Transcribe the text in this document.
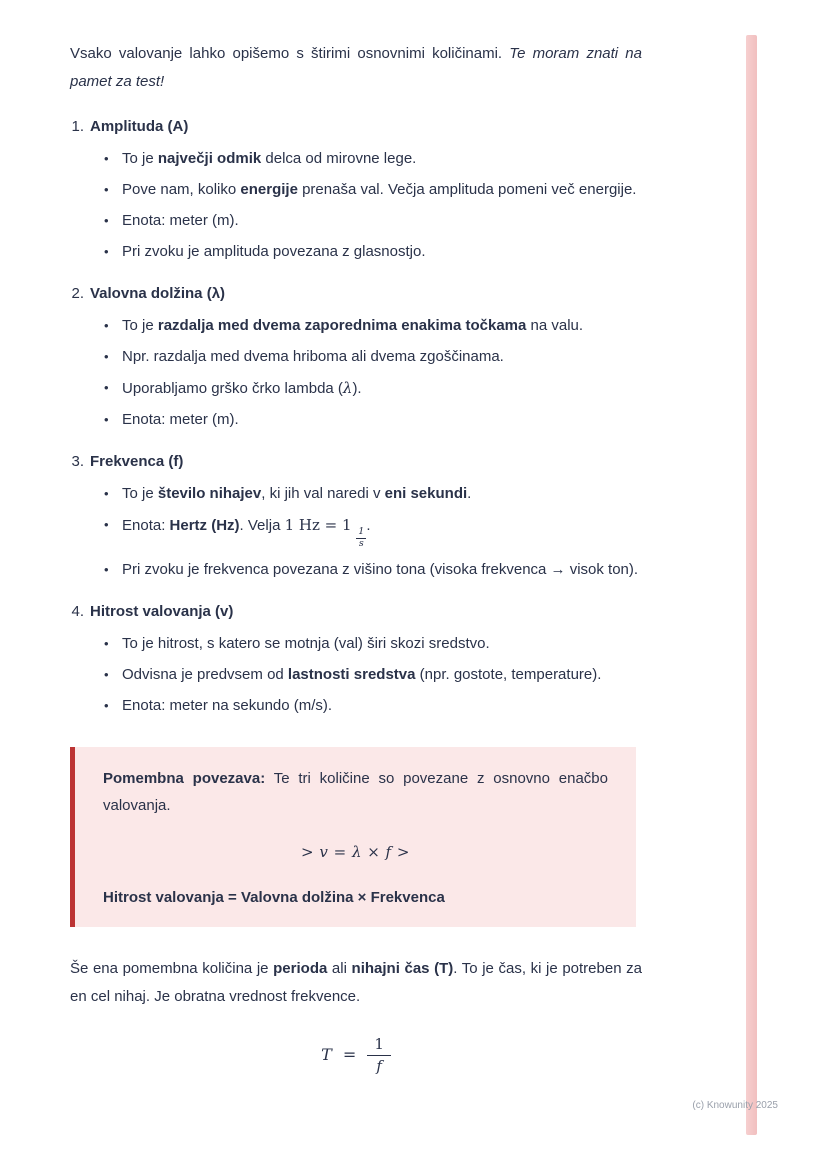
Vsako valovanje lahko opišemo s štirimi osnovnimi količinami. Te moram znati na pamet za test!

1. Amplituda (A)
• To je največji odmik delca od mirovne lege.
• Pove nam, koliko energije prenaša val. Večja amplituda pomeni več energije.
• Enota: meter (m).
• Pri zvoku je amplituda povezana z glasnostjo.
2. Valovna dolžina (λ)
• To je razdalja med dvema zaporednima enakima točkama na valu.
• Npr. razdalja med dvema hriboma ali dvema zgoščinama.
• Uporabljamo grško črko lambda (λ).
• Enota: meter (m).
3. Frekvenca (f)
• To je število nihajev, ki jih val naredi v eni sekundi.
• Enota: Hertz (Hz). Velja 1 Hz = 1
$\frac{1}{s}$
.
• Pri zvoku je frekvenca povezana z višino tona (visoka frekvenca → visok ton).
4. Hitrost valovanja (v)
• To je hitrost, s katero se motnja (val) širi skozi sredstvo.
• Odvisna je predvsem od lastnosti sredstva (npr. gostote, temperature).
• Enota: meter na sekundo (m/s).

Pomembna povezava: Te tri količine so povezane z osnovno enačbo valovanja.

> v = λ × f >

Hitrost valovanja = Valovna dolžina × Frekvenca

Še ena pomembna količina je perioda ali nihajni čas (T). To je čas, ki je potreben za en cel nihaj. Je obratna vrednost frekvence.

$T = \frac{1}{f}$
(c) Knowunity 2025
